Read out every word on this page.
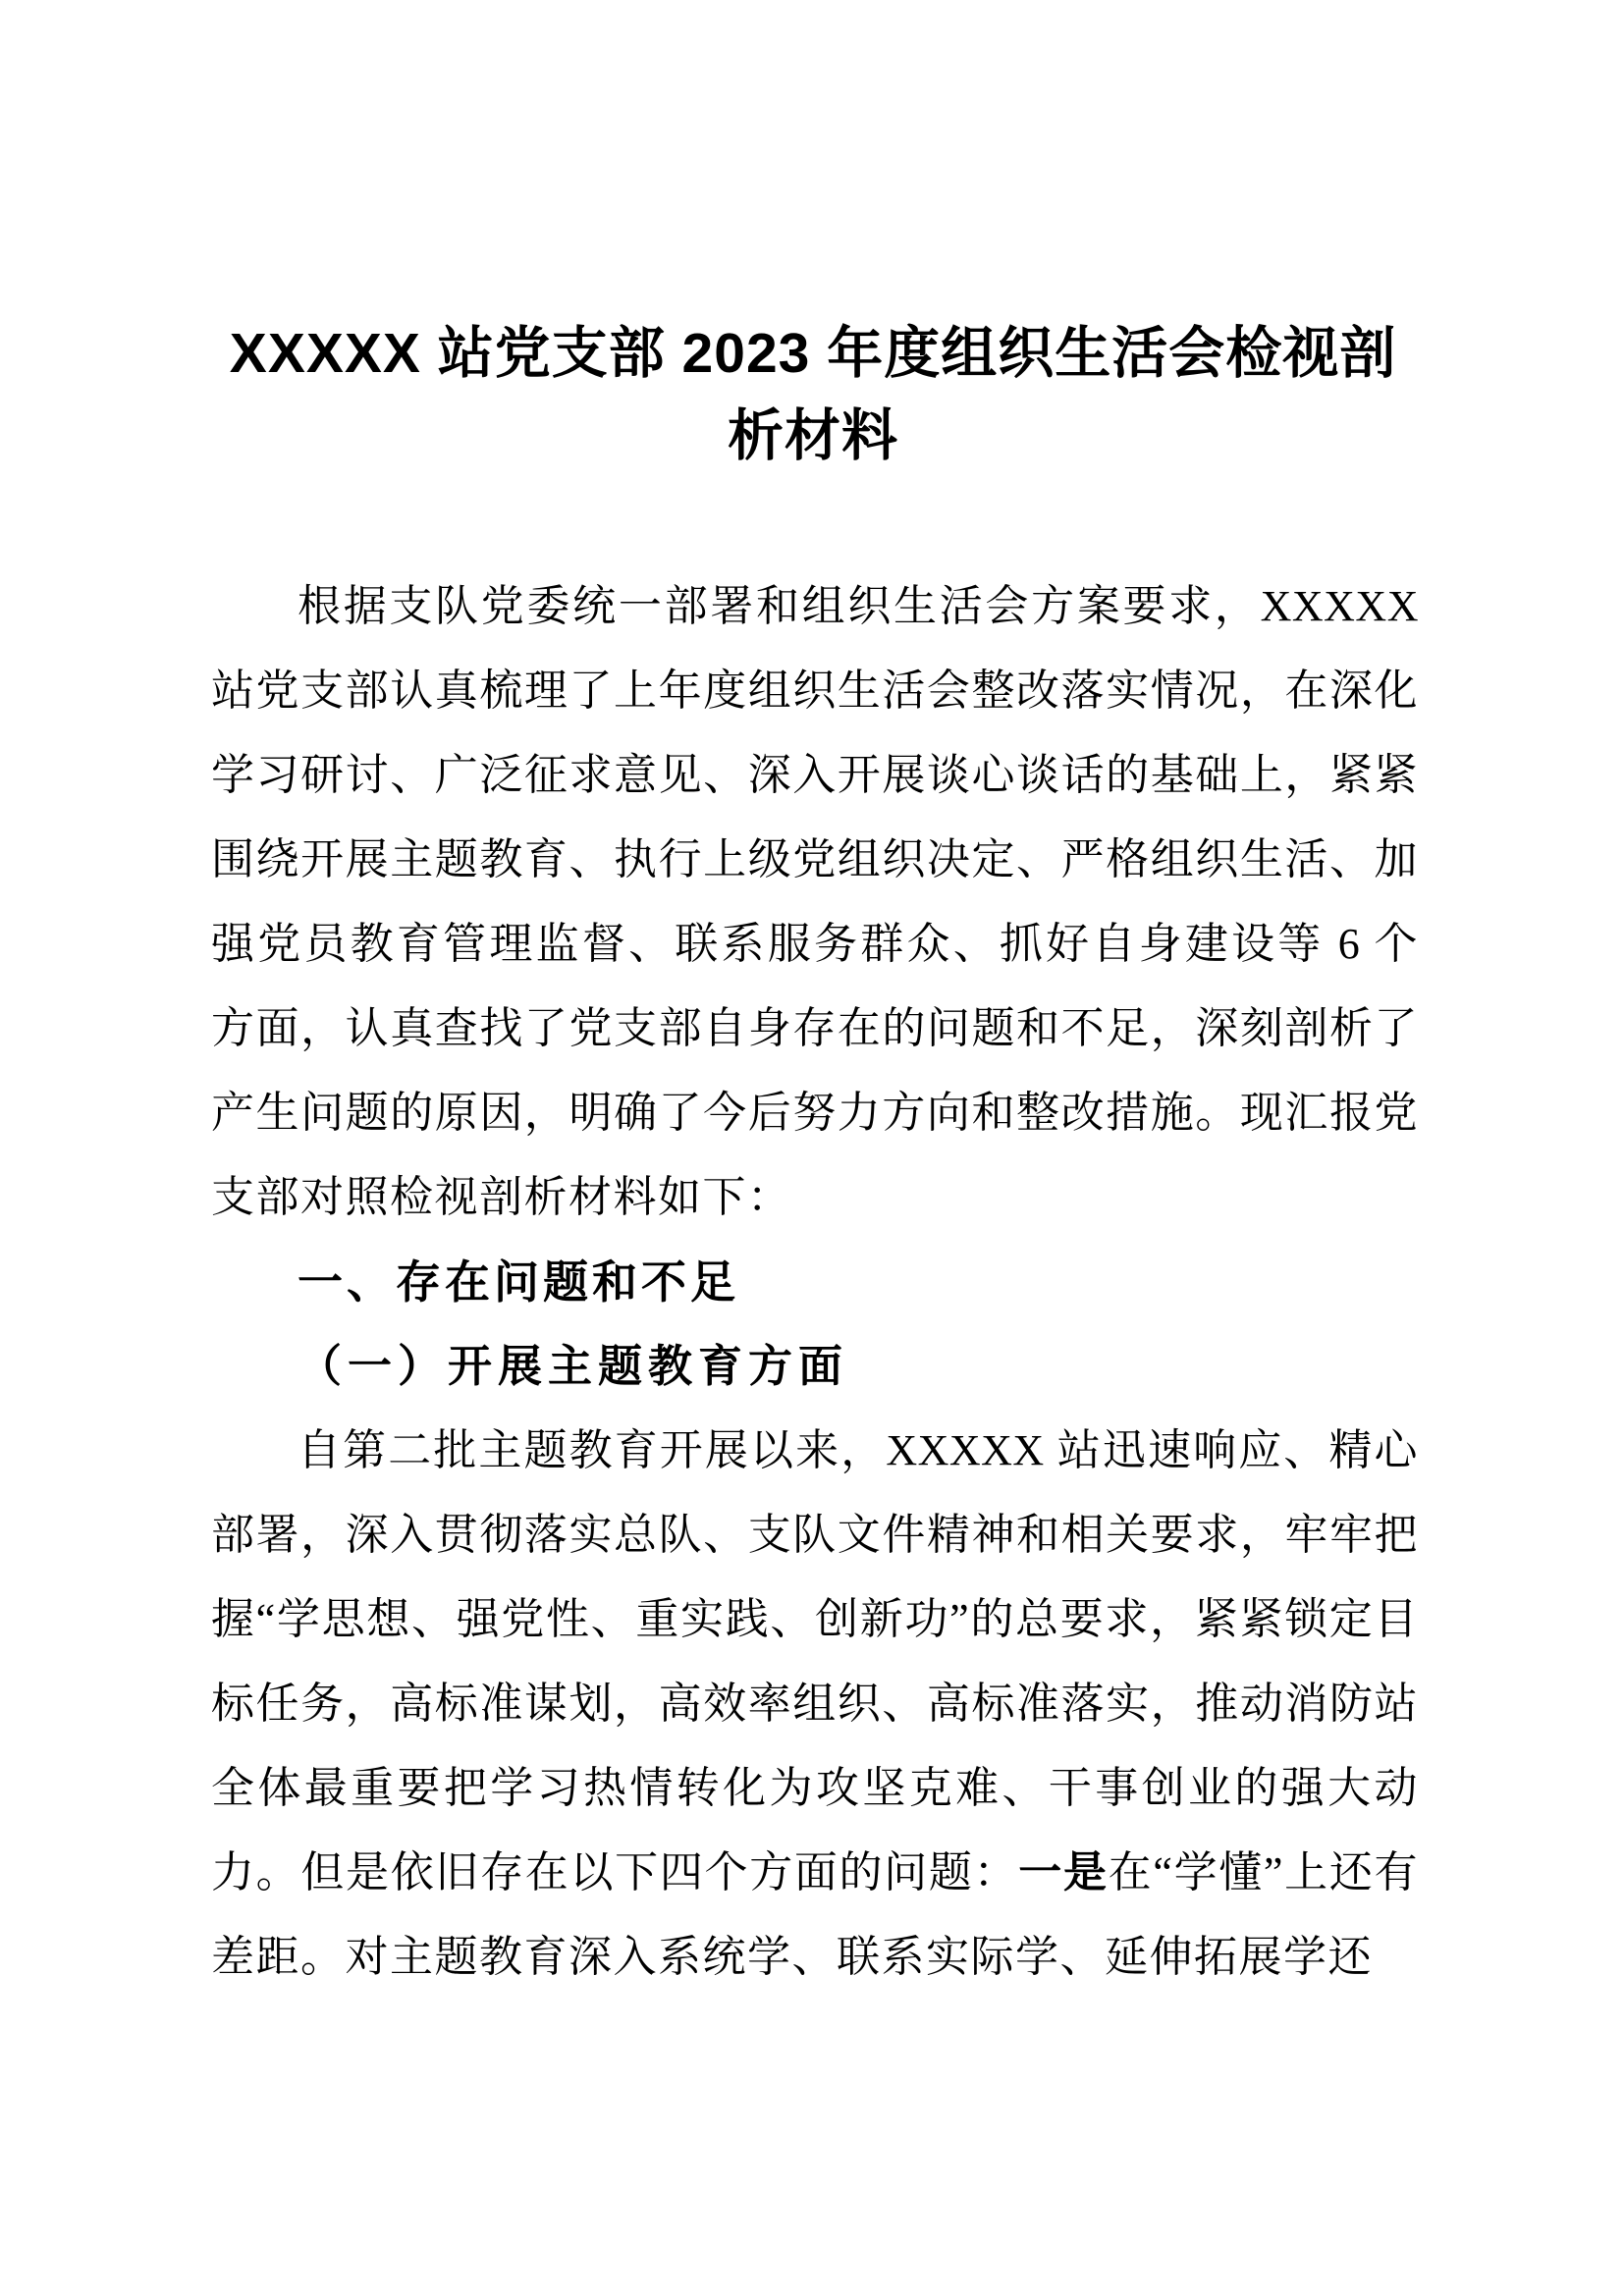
XXXXX 站党支部 2023 年度组织生活会检视剖析材料
根据支队党委统一部署和组织生活会方案要求，XXXXX 站党支部认真梳理了上年度组织生活会整改落实情况，在深化学习研讨、广泛征求意见、深入开展谈心谈话的基础上，紧紧围绕开展主题教育、执行上级党组织决定、严格组织生活、加强党员教育管理监督、联系服务群众、抓好自身建设等 6 个方面，认真查找了党支部自身存在的问题和不足，深刻剖析了产生问题的原因，明确了今后努力方向和整改措施。现汇报党支部对照检视剖析材料如下：
一、存在问题和不足
（一）开展主题教育方面
自第二批主题教育开展以来，XXXXX 站迅速响应、精心部署，深入贯彻落实总队、支队文件精神和相关要求，牢牢把握“学思想、强党性、重实践、创新功”的总要求，紧紧锁定目标任务，高标准谋划，高效率组织、高标准落实，推动消防站全体最重要把学习热情转化为攻坚克难、干事创业的强大动力。但是依旧存在以下四个方面的问题：一是在“学懂”上还有差距。对主题教育深入系统学、联系实际学、延伸拓展学还
